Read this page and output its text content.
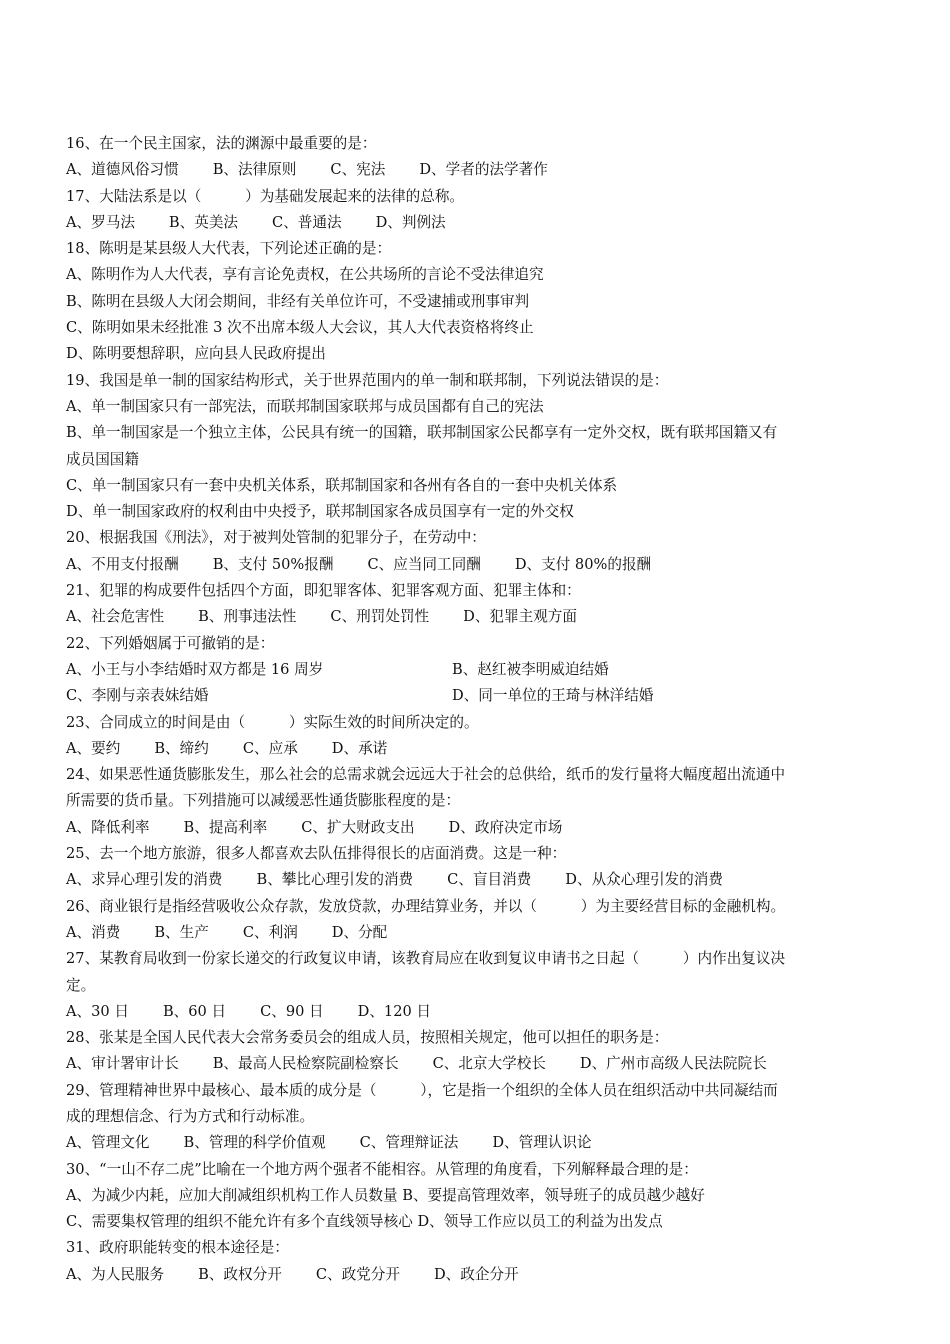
16、在一个民主国家，法的渊源中最重要的是：
A、道德风俗习惯 B、法律原则 C、宪法 D、学者的法学著作
17、大陆法系是以（　　　）为基础发展起来的法律的总称。
A、罗马法 B、英美法 C、普通法 D、判例法
18、陈明是某县级人大代表，下列论述正确的是：
A、陈明作为人大代表，享有言论免责权，在公共场所的言论不受法律追究
B、陈明在县级人大闭会期间，非经有关单位许可，不受逮捕或刑事审判
C、陈明如果未经批准 3 次不出席本级人大会议，其人大代表资格将终止
D、陈明要想辞职，应向县人民政府提出
19、我国是单一制的国家结构形式，关于世界范围内的单一制和联邦制，下列说法错误的是：
A、单一制国家只有一部宪法，而联邦制国家联邦与成员国都有自己的宪法
B、单一制国家是一个独立主体，公民具有统一的国籍，联邦制国家公民都享有一定外交权，既有联邦国籍又有
成员国国籍
C、单一制国家只有一套中央机关体系，联邦制国家和各州有各自的一套中央机关体系
D、单一制国家政府的权利由中央授予，联邦制国家各成员国享有一定的外交权
20、根据我国《刑法》，对于被判处管制的犯罪分子，在劳动中：
A、不用支付报酬 B、支付 50%报酬 C、应当同工同酬 D、支付 80%的报酬
21、犯罪的构成要件包括四个方面，即犯罪客体、犯罪客观方面、犯罪主体和：
A、社会危害性 B、刑事违法性 C、刑罚处罚性 D、犯罪主观方面
22、下列婚姻属于可撤销的是：
A、小王与小李结婚时双方都是 16 周岁	B、赵红被李明威迫结婚
C、李刚与亲表妹结婚	D、同一单位的王琦与林洋结婚
23、合同成立的时间是由（　　　）实际生效的时间所决定的。
A、要约 B、缔约 C、应承 D、承诺
24、如果恶性通货膨胀发生，那么社会的总需求就会远远大于社会的总供给，纸币的发行量将大幅度超出流通中
所需要的货币量。下列措施可以减缓恶性通货膨胀程度的是：
A、降低利率 B、提高利率 C、扩大财政支出 D、政府决定市场
25、去一个地方旅游，很多人都喜欢去队伍排得很长的店面消费。这是一种：
A、求异心理引发的消费 B、攀比心理引发的消费 C、盲目消费 D、从众心理引发的消费
26、商业银行是指经营吸收公众存款，发放贷款，办理结算业务，并以（　　　）为主要经营目标的金融机构。
A、消费 B、生产 C、利润 D、分配
27、某教育局收到一份家长递交的行政复议申请，该教育局应在收到复议申请书之日起（　　　）内作出复议决
定。
A、30 日 B、60 日 C、90 日 D、120 日
28、张某是全国人民代表大会常务委员会的组成人员，按照相关规定，他可以担任的职务是：
A、审计署审计长 B、最高人民检察院副检察长 C、北京大学校长 D、广州市高级人民法院院长
29、管理精神世界中最核心、最本质的成分是（　　　），它是指一个组织的全体人员在组织活动中共同凝结而
成的理想信念、行为方式和行动标准。
A、管理文化 B、管理的科学价值观 C、管理辩证法 D、管理认识论
30、“一山不存二虎”比喻在一个地方两个强者不能相容。从管理的角度看，下列解释最合理的是：
A、为减少内耗，应加大削减组织机构工作人员数量 B、要提高管理效率，领导班子的成员越少越好
C、需要集权管理的组织不能允许有多个直线领导核心 D、领导工作应以员工的利益为出发点
31、政府职能转变的根本途径是：
A、为人民服务 B、政权分开 C、政党分开 D、政企分开
